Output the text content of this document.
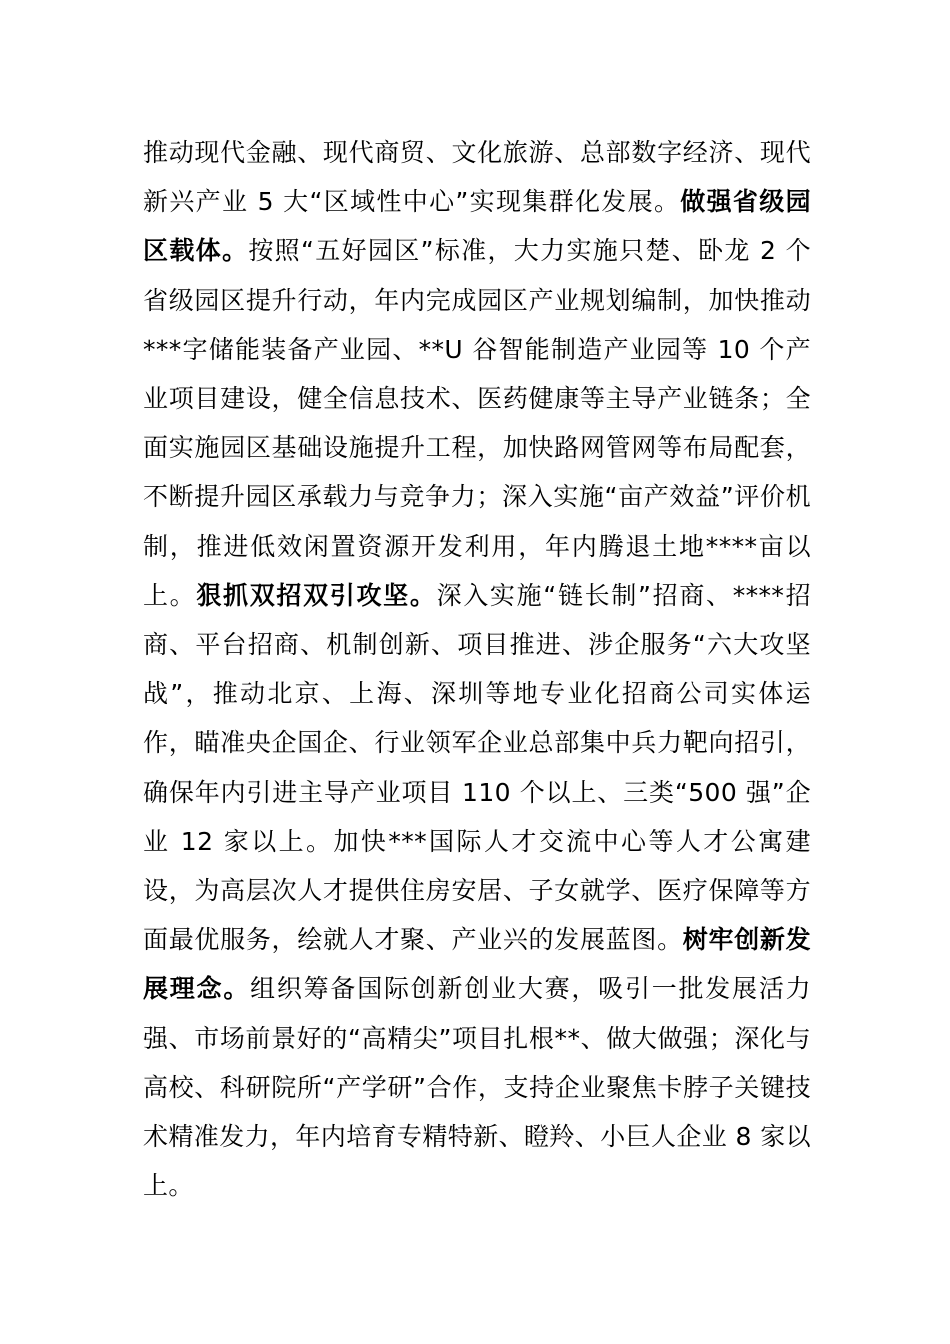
推动现代金融、现代商贸、文化旅游、总部数字经济、现代新兴产业 5 大“区域性中心”实现集群化发展。做强省级园区载体。按照“五好园区”标准，大力实施只楚、卧龙 2 个省级园区提升行动，年内完成园区产业规划编制，加快推动***字储能装备产业园、**U 谷智能制造产业园等 10 个产业项目建设，健全信息技术、医药健康等主导产业链条；全面实施园区基础设施提升工程，加快路网管网等布局配套，不断提升园区承载力与竞争力；深入实施“亩产效益”评价机制，推进低效闲置资源开发利用，年内腾退土地****亩以上。狠抓双招双引攻坚。深入实施“链长制”招商、****招商、平台招商、机制创新、项目推进、涉企服务“六大攻坚战”，推动北京、上海、深圳等地专业化招商公司实体运作，瞄准央企国企、行业领军企业总部集中兵力靶向招引，确保年内引进主导产业项目 110 个以上、三类“500 强”企业 12 家以上。加快***国际人才交流中心等人才公寓建设，为高层次人才提供住房安居、子女就学、医疗保障等方面最优服务，绘就人才聚、产业兴的发展蓝图。树牢创新发展理念。组织筹备国际创新创业大赛，吸引一批发展活力强、市场前景好的“高精尖”项目扎根**、做大做强；深化与高校、科研院所“产学研”合作，支持企业聚焦卡脖子关键技术精准发力，年内培育专精特新、瞪羚、小巨人企业 8 家以上。
